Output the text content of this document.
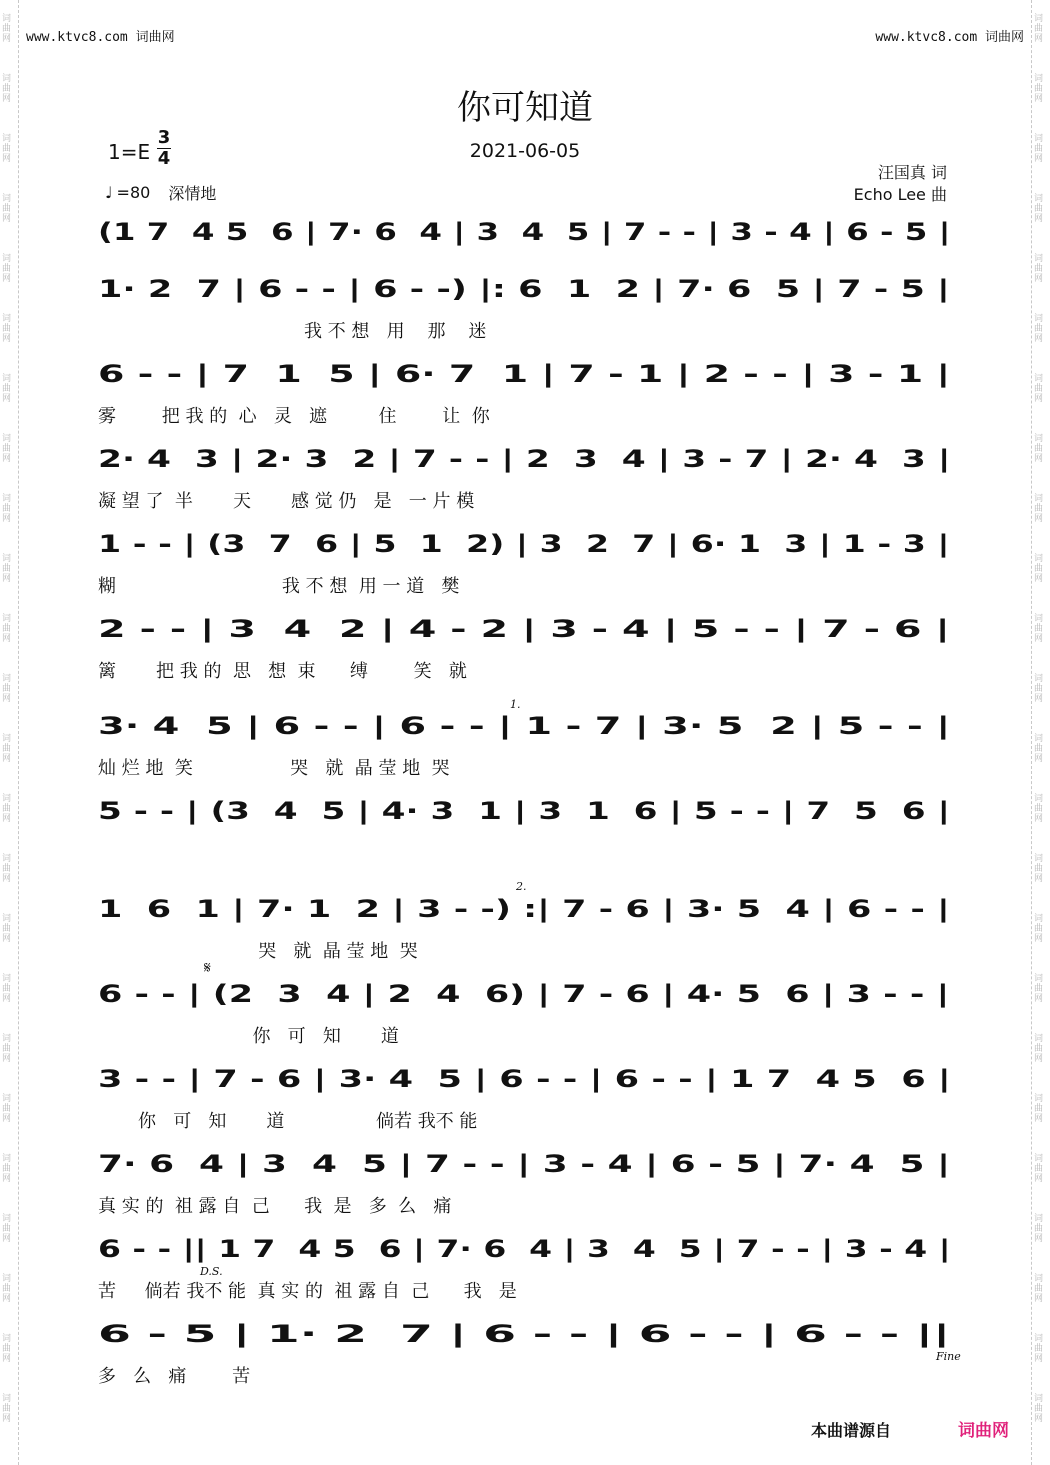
词曲网
词曲网
词曲网
词曲网
词曲网
词曲网
词曲网
词曲网
词曲网
词曲网
词曲网
词曲网
词曲网
词曲网
词曲网
词曲网
词曲网
词曲网
词曲网
词曲网
词曲网
词曲网
词曲网
词曲网
词曲网
词曲网
词曲网
词曲网
词曲网
词曲网
词曲网
词曲网
词曲网
词曲网
词曲网
词曲网
词曲网
词曲网
词曲网
词曲网
词曲网
词曲网
词曲网
词曲网
词曲网
词曲网
词曲网
词曲网
www.ktvc8.com 词曲网	www.ktvc8.com 词曲网
你可知道
2021-06-05
1=E
3
4
♩ =80 深情地
汪国真 词
Echo Lee 曲
(1 7  4 5  6 | 7· 6  4 | 3  4  5 | 7 - - | 3 - 4 | 6 - 5 |
1· 2  7 | 6 - - | 6 - -) |: 6  1  2 | 7· 6  5 | 7 - 5 |
我 不 想   用    那    迷
6 - - | 7  1  5 | 6· 7  1 | 7 - 1 | 2 - - | 3 - 1 |
雾        把 我 的  心   灵   遮         住        让  你
2· 4  3 | 2· 3  2 | 7 - - | 2  3  4 | 3 - 7 | 2· 4  3 |
凝 望 了  半       天       感 觉 仍   是   一 片 模
1 - - | (3  7  6 | 5  1  2) | 3  2  7 | 6· 1  3 | 1 - 3 |
糊                             我 不 想  用 一 道   樊
2 - - | 3  4  2 | 4 - 2 | 3 - 4 | 5 - - | 7 - 6 |
篱       把 我 的  思   想  束      缚        笑   就
3· 4  5 | 6 - - | 6 - - | 1 - 7 | 3· 5  2 | 5 - - |
灿 烂 地  笑                 哭   就  晶 莹 地  哭
5 - - | (3  4  5 | 4· 3  1 | 3  1  6 | 5 - - | 7  5  6 |
1  6  1 | 7· 1  2 | 3 - -) :| 7 - 6 | 3· 5  4 | 6 - - |
哭   就  晶 莹 地  哭
6 - - | (2  3  4 | 2  4  6) | 7 - 6 | 4· 5  6 | 3 - - |
你   可   知       道
3 - - | 7 - 6 | 3· 4  5 | 6 - - | 6 - - | 1 7  4 5  6 |
你   可   知       道                倘若 我不 能
7· 6  4 | 3  4  5 | 7 - - | 3 - 4 | 6 - 5 | 7· 4  5 |
真 实 的  祖 露 自  己      我  是   多  么   痛
6 - - || 1 7  4 5  6 | 7· 6  4 | 3  4  5 | 7 - - | 3 - 4 |
苦     倘若 我不 能  真 实 的  祖 露 自  己      我   是
6 - 5 | 1· 2  7 | 6 - - | 6 - - | 6 - - ||
多   么   痛        苦
1.
2.
𝄋
D.S.
Fine
本曲谱源自	词曲网
